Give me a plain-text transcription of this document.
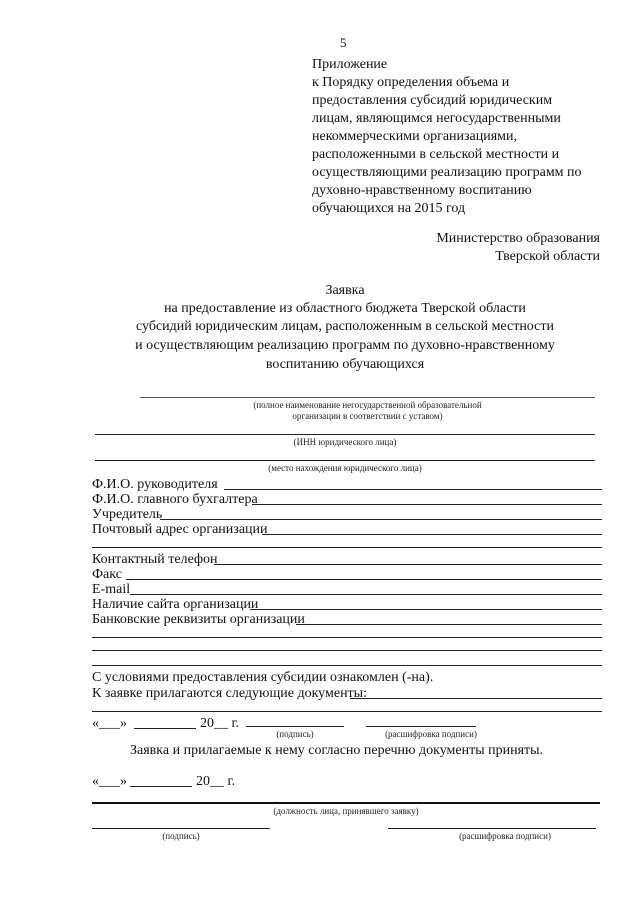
5
Приложение
к Порядку определения объема и
предоставления субсидий юридическим
лицам, являющимся негосударственными
некоммерческими организациями,
расположенными в сельской местности и
осуществляющими реализацию программ по
духовно-нравственному воспитанию
обучающихся на 2015 год
Министерство образования
Тверской области
Заявка
на предоставление из областного бюджета Тверской области
субсидий юридическим лицам, расположенным в сельской местности
и осуществляющим реализацию программ по духовно-нравственному
воспитанию обучающихся
(полное наименование негосударственной образовательной
организации в соответствии с уставом)
(ИНН юридического лица)
(место нахождения юридического лица)
Ф.И.О. руководителя
Ф.И.О. главного бухгалтера
Учредитель
Почтовый адрес организации
Контактный телефон
Факс
E-mail
Наличие сайта организации
Банковские реквизиты организации
С условиями предоставления субсидии ознакомлен (-на).
К заявке прилагаются следующие документы:
«___»	20__ г.
(подпись)	(расшифровка подписи)
Заявка и прилагаемые к нему согласно перечню документы приняты.
«___»	20__ г.
(должность лица, принявшего заявку)
(подпись)	(расшифровка подписи)
